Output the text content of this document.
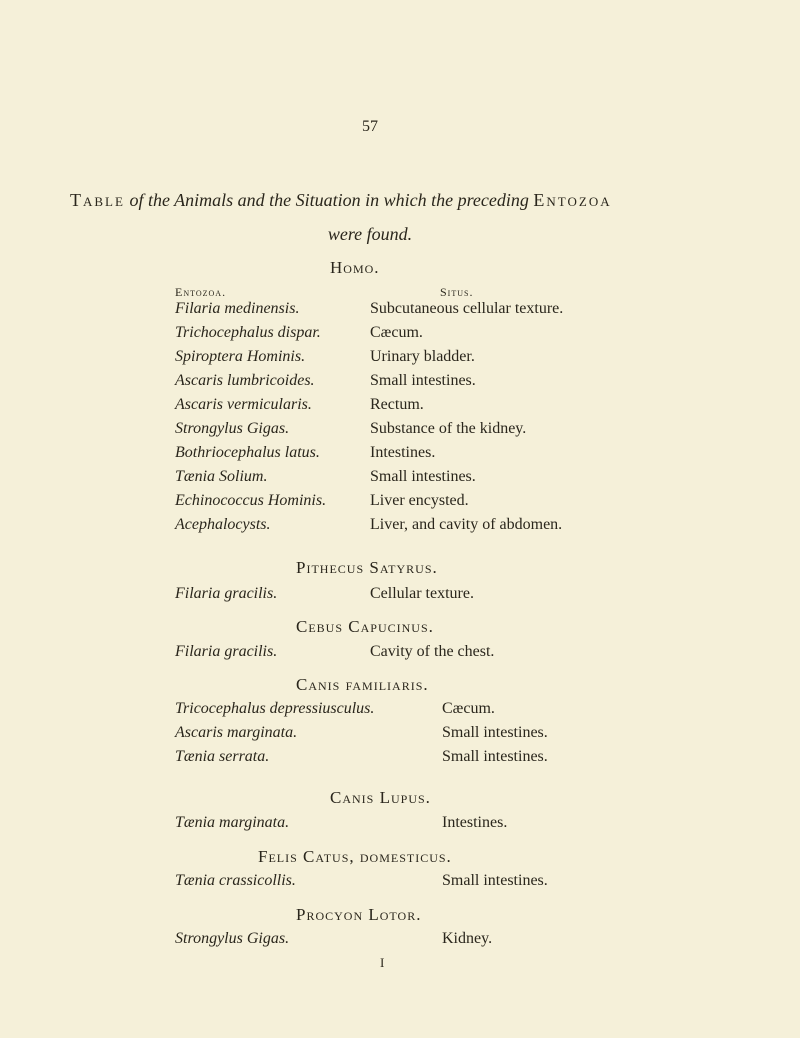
57
Table of the Animals and the Situation in which the preceding Entozoa
were found.
Homo.
Entozoa.	Situs.
Filaria medinensis.	Subcutaneous cellular texture.
Trichocephalus dispar.	Cæcum.
Spiroptera Hominis.	Urinary bladder.
Ascaris lumbricoides.	Small intestines.
Ascaris vermicularis.	Rectum.
Strongylus Gigas.	Substance of the kidney.
Bothriocephalus latus.	Intestines.
Tænia Solium.	Small intestines.
Echinococcus Hominis.	Liver encysted.
Acephalocysts.	Liver, and cavity of abdomen.
Pithecus Satyrus.
Filaria gracilis.	Cellular texture.
Cebus Capucinus.
Filaria gracilis.	Cavity of the chest.
Canis familiaris.
Tricocephalus depressiusculus.	Cæcum.
Ascaris marginata.	Small intestines.
Tænia serrata.	Small intestines.
Canis Lupus.
Tænia marginata.	Intestines.
Felis Catus, domesticus.
Tænia crassicollis.	Small intestines.
Procyon Lotor.
Strongylus Gigas.	Kidney.
I
